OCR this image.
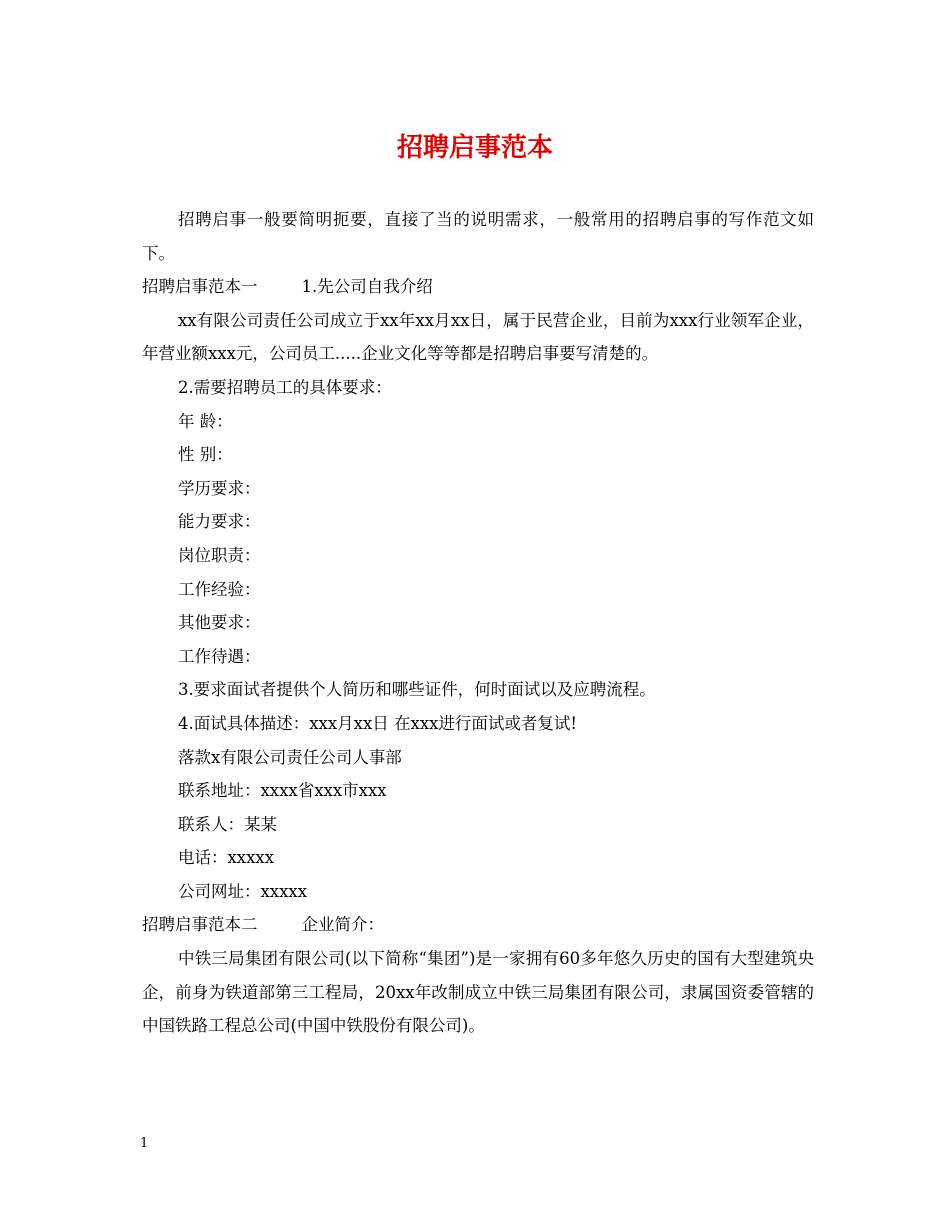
招聘启事范本

招聘启事一般要简明扼要，直接了当的说明需求，一般常用的招聘启事的写作范文如下。

招聘启事范本一	1.先公司自我介绍

xx有限公司责任公司成立于xx年xx月xx日，属于民营企业，目前为xxx行业领军企业，年营业额xxx元，公司员工.....企业文化等等都是招聘启事要写清楚的。

2.需要招聘员工的具体要求：

年 龄：

性 别：

学历要求：

能力要求：

岗位职责：

工作经验：

其他要求：

工作待遇：

3.要求面试者提供个人简历和哪些证件，何时面试以及应聘流程。

4.面试具体描述：xxx月xx日 在xxx进行面试或者复试!

落款x有限公司责任公司人事部

联系地址：xxxx省xxx市xxx

联系人：某某

电话：xxxxx

公司网址：xxxxx

招聘启事范本二	企业简介：

中铁三局集团有限公司(以下简称“集团”)是一家拥有60多年悠久历史的国有大型建筑央企，前身为铁道部第三工程局，20xx年改制成立中铁三局集团有限公司，隶属国资委管辖的中国铁路工程总公司(中国中铁股份有限公司)。

1
